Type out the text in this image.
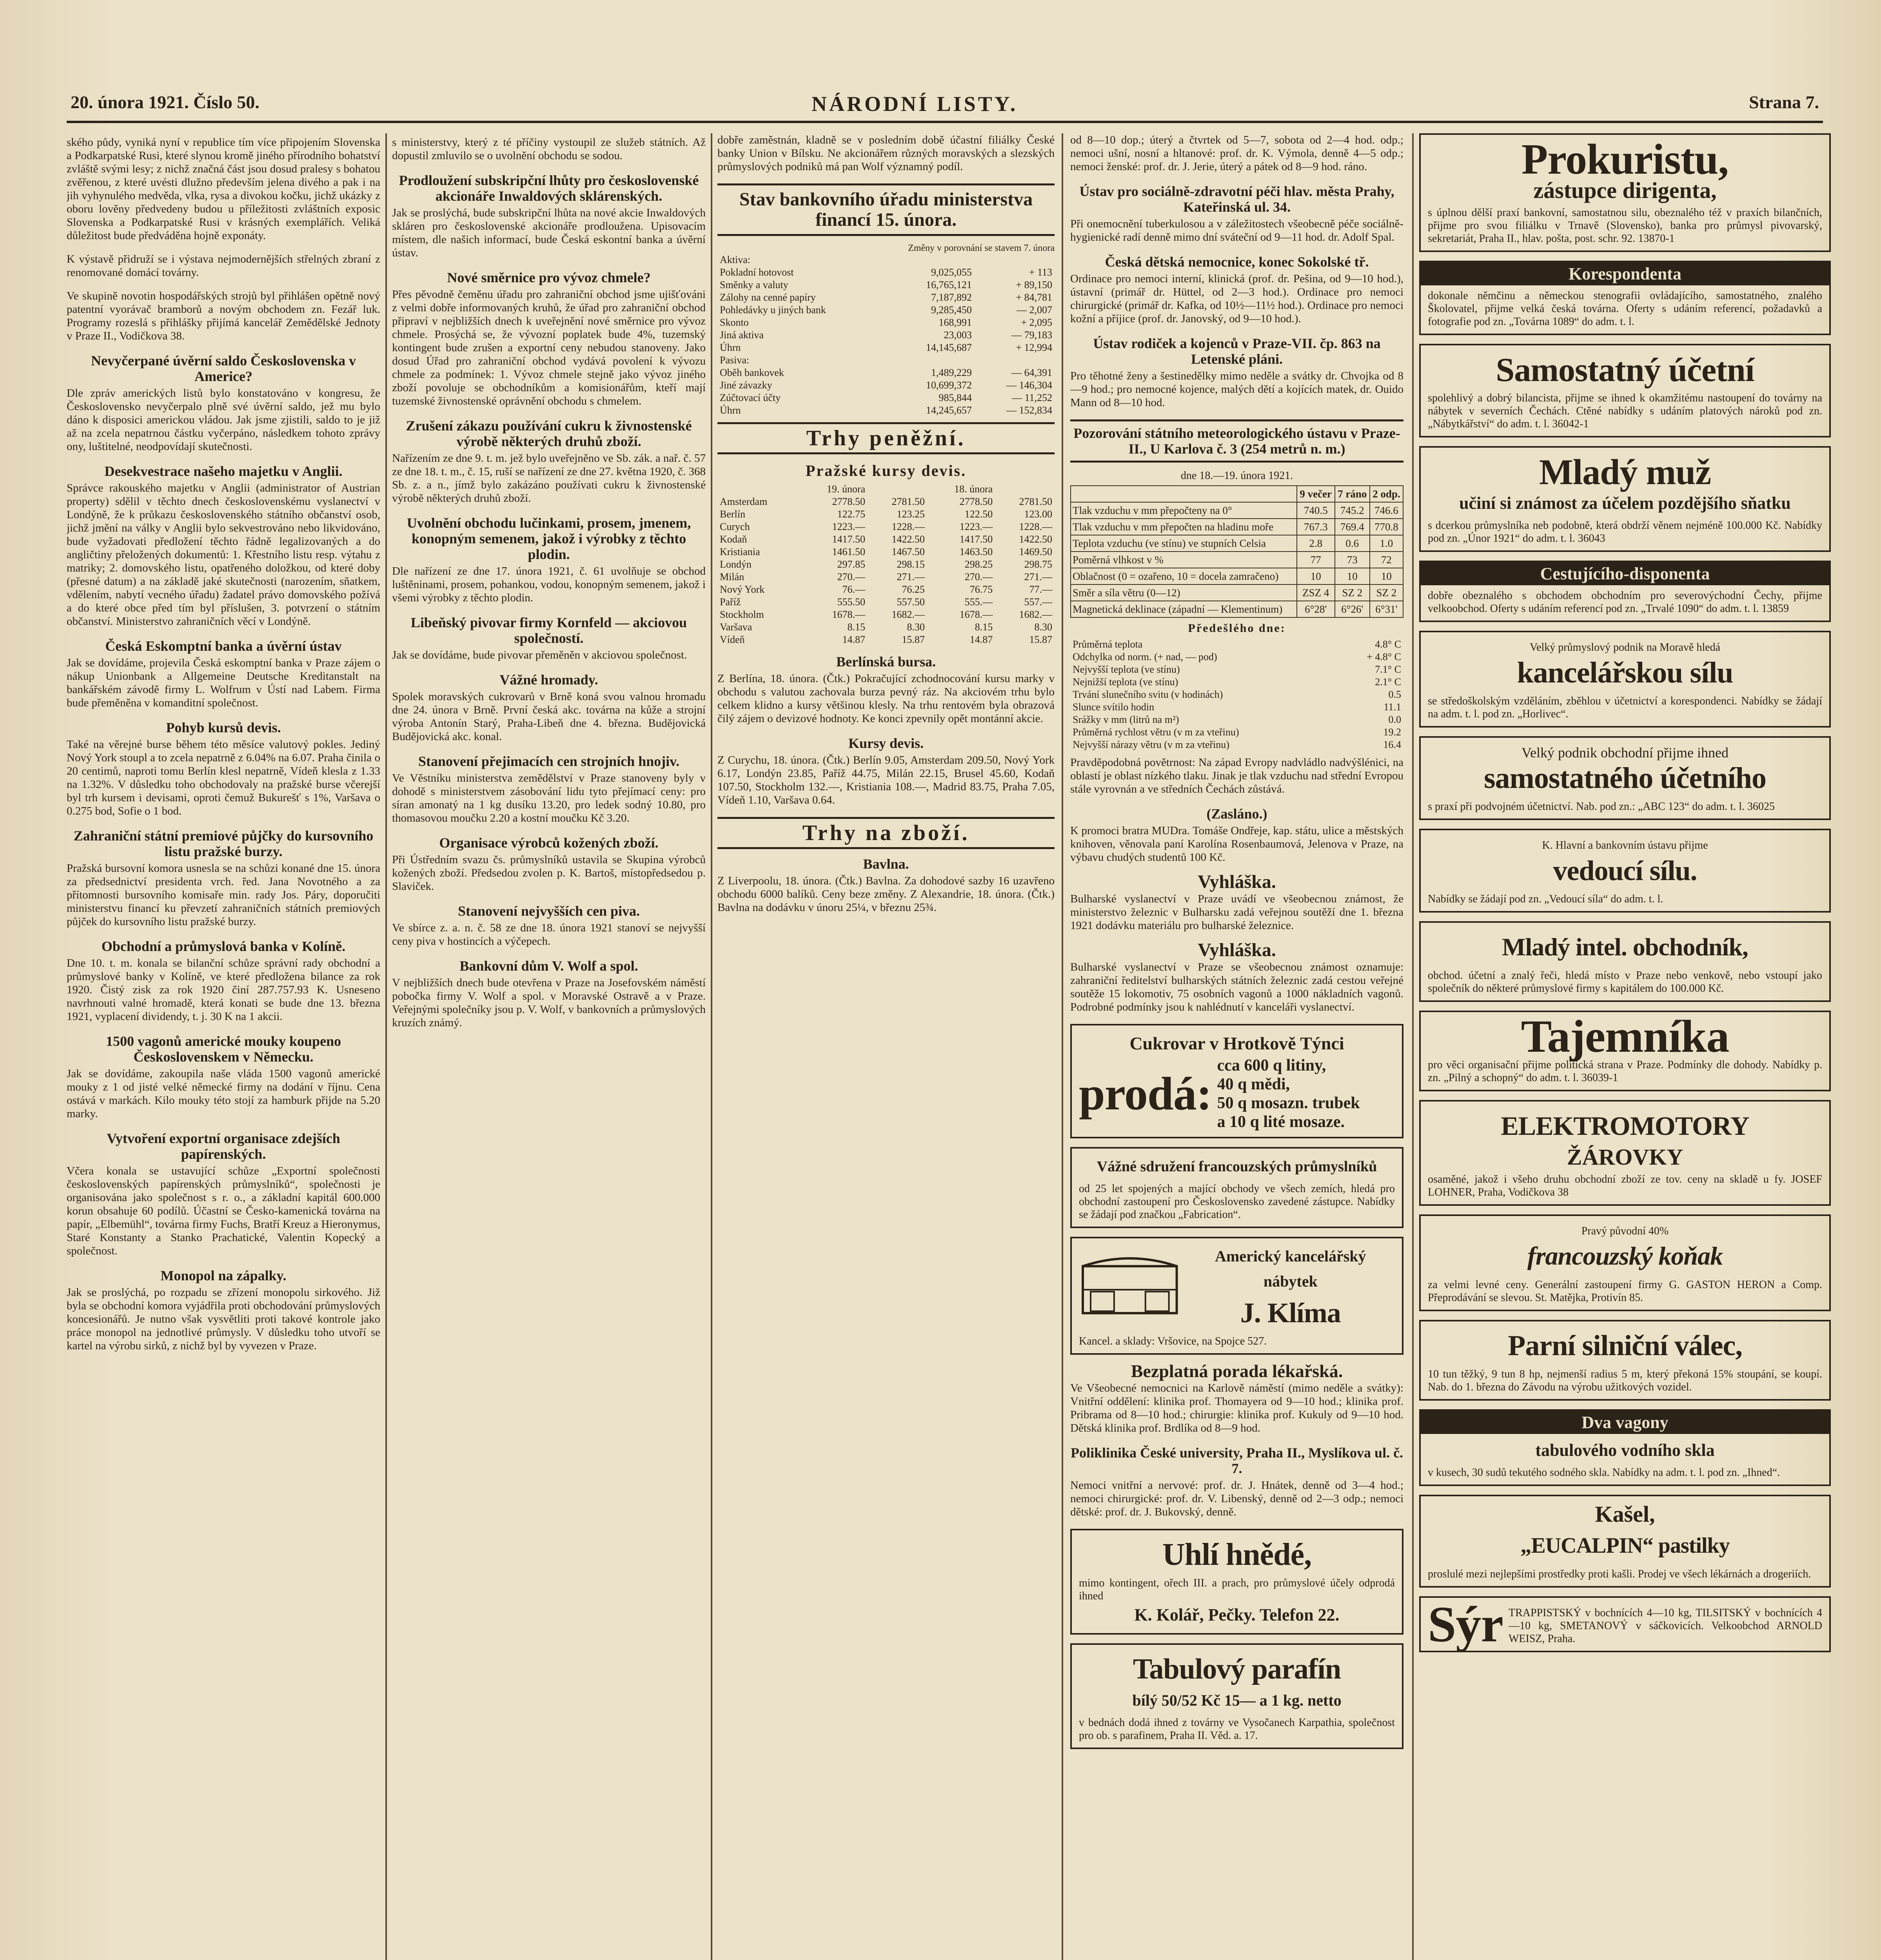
20. února 1921. Číslo 50.	NÁRODNÍ LISTY.	Strana 7.

ského půdy, vyniká nyní v republice tím více připojením Slovenska a Podkarpatské Rusi, které slynou kromě jiného přírodního bohatství zvláště svými lesy; z nichž značná část jsou dosud pralesy s bohatou zvěřenou, z které uvésti dlužno především jelena divého a pak i na jih vyhynulého medvěda, vlka, rysa a divokou kočku, jichž ukázky z oboru lověny předvedeny budou u příležitosti zvláštních exposic Slovenska a Podkarpatské Rusi v krásných exemplářích. Veliká důležitost bude předváděna hojně exponáty.

K výstavě přidruží se i výstava nejmodernějších střelných zbraní z renomované domácí továrny.

Ve skupině novotin hospodářských strojů byl přihlášen opětně nový patentní vyorávač bramborů a novým obchodem zn. Fezář luk. Programy rozeslá s přihlášky přijímá kancelář Zemědělské Jednoty v Praze II., Vodičkova 38.

Nevyčerpané úvěrní saldo Československa v Americe?

Dle zpráv amerických listů bylo konstatováno v kongresu, že Československo nevyčerpalo plně své úvěrní saldo, jež mu bylo dáno k disposici americkou vládou. Jak jsme zjistili, saldo to je již až na zcela nepatrnou částku vyčerpáno, následkem tohoto zprávy ony, luštitelné, neodpovídají skutečnosti.

Desekvestrace našeho majetku v Anglii.

Správce rakouského majetku v Anglii (administrator of Austrian property) sdělil v těchto dnech československému vyslanectví v Londýně, že k průkazu československého státního občanství osob, jichž jmění na války v Anglii bylo sekvestrováno nebo likvidováno, bude vyžadovati předložení těchto řádně legalizovaných a do angličtiny přeložených dokumentů: 1. Křestního listu resp. výtahu z matriky; 2. domovského listu, opatřeného doložkou, od které doby (přesné datum) a na základě jaké skutečnosti (narozením, sňatkem, vdělením, nabytí vecného úřadu) žadatel právo domovského požívá a do které obce před tím byl příslušen, 3. potvrzení o státním občanství. Ministerstvo zahraničních věcí v Londýně.

Česká Eskomptní banka a úvěrní ústav

Jak se dovídáme, projevila Česká eskomptní banka v Praze zájem o nákup Unionbank a Allgemeine Deutsche Kreditanstalt na bankářském závodě firmy L. Wolfrum v Ústí nad Labem. Firma bude přeměněna v komanditní společnost.

Pohyb kursů devis.

Také na věrejné burse během této měsíce valutový pokles. Jediný Nový York stoupl a to zcela nepatrně z 6.04% na 6.07. Praha činila o 20 centimů, naproti tomu Berlín klesl nepatrně, Vídeň klesla z 1.33 na 1.32%. V důsledku toho obchodovaly na pražské burse včerejší byl trh kursem i devisami, oproti čemuž Bukurešť s 1%, Varšava o 0.275 bod, Sofie o 1 bod.

Zahraniční státní premiové půjčky do kursovního listu pražské burzy.

Pražská bursovní komora usnesla se na schůzi konané dne 15. února za předsednictví presidenta vrch. řed. Jana Novotného a za přítomnosti bursovního komisaře min. rady Jos. Páry, doporučiti ministerstvu financí ku převzetí zahraničních státních premiových půjček do kursovního listu pražské burzy.

Obchodní a průmyslová banka v Kolíně.

Dne 10. t. m. konala se bilanční schůze správní rady obchodní a průmyslové banky v Kolíně, ve které předložena bilance za rok 1920. Čistý zisk za rok 1920 činí 287.757.93 K. Usneseno navrhnouti valné hromadě, která konati se bude dne 13. března 1921, vyplacení dividendy, t. j. 30 K na 1 akcii.

1500 vagonů americké mouky koupeno Československem v Německu.

Jak se dovídáme, zakoupila naše vláda 1500 vagonů americké mouky z 1 od jisté velké německé firmy na dodání v říjnu. Cena ostává v markách. Kilo mouky této stojí za hamburk přijde na 5.20 marky.

Vytvoření exportní organisace zdejších papírenských.

Včera konala se ustavující schůze „Exportní společnosti československých papírenských průmyslníků“, společnosti je organisována jako společnost s r. o., a základní kapitál 600.000 korun obsahuje 60 podílů. Účastní se Česko-kamenická továrna na papír, „Elbemühl“, továrna firmy Fuchs, Bratří Kreuz a Hieronymus, Staré Konstanty a Stanko Prachatické, Valentin Kopecký a společnost.

Monopol na zápalky.

Jak se proslýchá, po rozpadu se zřízení monopolu sirkového. Již byla se obchodní komora vyjádřila proti obchodování průmyslových koncesionářů. Je nutno však vysvětliti proti takové kontrole jako práce monopol na jednotlivé průmysly. V důsledku toho utvoří se kartel na výrobu sirků, z nichž byl by vyvezen v Praze.

s ministerstvy, který z té příčiny vystoupil ze služeb státních. Až dopustil zmluvilo se o uvolnění obchodu se sodou.

Prodloužení subskripční lhůty pro československé akcionáře Inwaldových sklárenských.

Jak se proslýchá, bude subskripční lhůta na nové akcie Inwaldových skláren pro československé akcionáře prodloužena. Upisovacím místem, dle našich informací, bude Česká eskontní banka a úvěrní ústav.

Nové směrnice pro vývoz chmele?

Přes pěvodně čeměnu úřadu pro zahraniční obchod jsme ujišťováni z velmi dobře informovaných kruhů, že úřad pro zahraniční obchod připraví v nejbližších dnech k uveřejnění nové směrnice pro vývoz chmele. Prosýchá se, že vývozní poplatek bude 4%, tuzemský kontingent bude zrušen a exportní ceny nebudou stanoveny. Jako dosud Úřad pro zahraniční obchod vydává povolení k vývozu chmele za podmínek: 1. Vývoz chmele stejně jako vývoz jiného zboží povoluje se obchodníkům a komisionářům, kteří mají tuzemské živnostenské oprávnění obchodu s chmelem.

Zrušení zákazu používání cukru k živnostenské výrobě některých druhů zboží.

Nařízením ze dne 9. t. m. jež bylo uveřejněno ve Sb. zák. a nař. č. 57 ze dne 18. t. m., č. 15, ruší se nařízení ze dne 27. května 1920, č. 368 Sb. z. a n., jímž bylo zakázáno používati cukru k živnostenské výrobě některých druhů zboží.

Uvolnění obchodu lučinkami, prosem, jmenem, konopným semenem, jakož i výrobky z těchto plodin.

Dle nařízení ze dne 17. února 1921, č. 61 uvolňuje se obchod luštěninami, prosem, pohankou, vodou, konopným semenem, jakož i všemi výrobky z těchto plodin.

Libeňský pivovar firmy Kornfeld — akciovou společností.

Jak se dovídáme, bude pivovar přeměněn v akciovou společnost.

Vážné hromady.

Spolek moravských cukrovarů v Brně koná svou valnou hromadu dne 24. února v Brně. První česká akc. továrna na kůže a strojní výroba Antonín Starý, Praha-Libeň dne 4. března. Budějovická Budějovická akc. konal.

Stanovení přejimacích cen strojních hnojiv.

Ve Věstníku ministerstva zemědělství v Praze stanoveny byly v dohodě s ministerstvem zásobování lidu tyto přejímací ceny: pro síran amonatý na 1 kg dusíku 13.20, pro ledek sodný 10.80, pro thomasovou moučku 2.20 a kostní moučku Kč 3.20.

Organisace výrobců kožených zboží.

Při Ústředním svazu čs. průmyslníků ustavila se Skupina výrobců kožených zboží. Předsedou zvolen p. K. Bartoš, místopředsedou p. Slaviček.

Stanovení nejvyšších cen piva.

Ve sbírce z. a. n. č. 58 ze dne 18. února 1921 stanoví se nejvyšší ceny piva v hostincích a výčepech.

Bankovní dům V. Wolf a spol.

V nejbližších dnech bude otevřena v Praze na Josefovském náměstí pobočka firmy V. Wolf a spol. v Moravské Ostravě a v Praze. Veřejnými společníky jsou p. V. Wolf, v bankovních a průmyslových kruzích známý.

dobře zaměstnán, kladně se v posledním době účastní filiálky České banky Union v Bílsku. Ne akcionářem různých moravských a slezských průmyslových podniků má pan Wolf významný podíl.

Stav bankovního úřadu ministerstva financí 15. února.
Změny v porovnání se stavem 7. února
Aktiva:		
Pokladní hotovost	9,025,055	+ 113
Směnky a valuty	16,765,121	+ 89,150
Zálohy na cenné papíry	7,187,892	+ 84,781
Pohledávky u jiných bank	9,285,450	— 2,007
Skonto	168,991	+ 2,095
Jiná aktiva	23,003	— 79,183
Úhrn	14,145,687	+ 12,994
Pasiva:		
Oběh bankovek	1,489,229	— 64,391
Jiné závazky	10,699,372	— 146,304
Zúčtovací účty	985,844	— 11,252
Úhrn	14,245,657	— 152,834
Trhy peněžní.
Pražské kursy devis.
	19. února		18. února	
Amsterdam	2778.50	2781.50	2778.50	2781.50
Berlín	122.75	123.25	122.50	123.00
Curych	1223.—	1228.—	1223.—	1228.—
Kodaň	1417.50	1422.50	1417.50	1422.50
Kristiania	1461.50	1467.50	1463.50	1469.50
Londýn	297.85	298.15	298.25	298.75
Milán	270.—	271.—	270.—	271.—
Nový York	76.—	76.25	76.75	77.—
Paříž	555.50	557.50	555.—	557.—
Stockholm	1678.—	1682.—	1678.—	1682.—
Varšava	8.15	8.30	8.15	8.30
Vídeň	14.87	15.87	14.87	15.87
Berlínská bursa.

Z Berlína, 18. února. (Čtk.) Pokračující zchodnocování kursu marky v obchodu s valutou zachovala burza pevný ráz. Na akciovém trhu bylo celkem klidno a kursy většinou klesly. Na trhu rentovém byla obrazová čilý zájem o devizové hodnoty. Ke konci zpevnily opět montánní akcie.

Kursy devis.

Z Curychu, 18. února. (Čtk.) Berlín 9.05, Amsterdam 209.50, Nový York 6.17, Londýn 23.85, Paříž 44.75, Milán 22.15, Brusel 45.60, Kodaň 107.50, Stockholm 132.—, Kristiania 108.—, Madrid 83.75, Praha 7.05, Vídeň 1.10, Varšava 0.64.

Trhy na zboží.
Bavlna.

Z Liverpoolu, 18. února. (Čtk.) Bavlna. Za dohodové sazby 16 uzavřeno obchodu 6000 balíků. Ceny beze změny. Z Alexandrie, 18. února. (Čtk.) Bavlna na dodávku v únoru 25¼, v březnu 25¾.

od 8—10 dop.; úterý a čtvrtek od 5—7, sobota od 2—4 hod. odp.; nemoci ušní, nosní a hltanové: prof. dr. K. Výmola, denně 4—5 odp.; nemoci ženské: prof. dr. J. Jerie, úterý a pátek od 8—9 hod. ráno.

Ústav pro sociálně-zdravotní péči hlav. města Prahy, Kateřinská ul. 34.

Při onemocnění tuberkulosou a v záležitostech všeobecně péče sociálně-hygienické radí denně mimo dní sváteční od 9—11 hod. dr. Adolf Spal.

Česká dětská nemocnice, konec Sokolské tř.

Ordinace pro nemoci interní, klinická (prof. dr. Pešina, od 9—10 hod.), ústavní (primář dr. Hüttel, od 2—3 hod.). Ordinace pro nemoci chirurgické (primář dr. Kafka, od 10½—11½ hod.). Ordinace pro nemoci kožní a příjice (prof. dr. Janovský, od 9—10 hod.).

Ústav rodiček a kojenců v Praze-VII. čp. 863 na Letenské pláni.

Pro těhotné ženy a šestinedělky mimo neděle a svátky dr. Chvojka od 8—9 hod.; pro nemocné kojence, malých dětí a kojících matek, dr. Ouido Mann od 8—10 hod.

Pozorování státního meteorologického ústavu v Praze-II., U Karlova č. 3 (254 metrů n. m.)
dne 18.—19. února 1921.
	9 večer	7 ráno	2 odp.
Tlak vzduchu v mm přepočteny na 0°	740.5	745.2	746.6
Tlak vzduchu v mm přepočten na hladinu moře	767.3	769.4	770.8
Teplota vzduchu (ve stínu) ve stupních Celsia	2.8	0.6	1.0
Poměrná vlhkost v %	77	73	72
Oblačnost (0 = ozařeno, 10 = docela zamračeno)	10	10	10
Směr a síla větru (0—12)	ZSZ 4	SZ 2	SZ 2
Magnetická deklinace (západní — Klementinum)	6°28'	6°26'	6°31'
Předešlého dne:
Průměrná teplota	4.8° C
Odchylka od norm. (+ nad, — pod)	+ 4.8° C
Nejvyšší teplota (ve stínu)	7.1° C
Nejnižší teplota (ve stínu)	2.1° C
Trvání slunečního svitu (v hodinách)	0.5
Slunce svítilo hodin	11.1
Srážky v mm (litrů na m²)	0.0
Průměrná rychlost větru (v m za vteřinu)	19.2
Nejvyšší nárazy větru (v m za vteřinu)	16.4

Pravděpodobná povětrnost: Na západ Evropy nadvládlo nadvýšlénici, na oblastí je oblast nízkého tlaku. Jinak je tlak vzduchu nad střední Evropou stále vyrovnán a ve středních Čechách zůstává.

(Zasláno.)

K promoci bratra MUDra. Tomáše Ondřeje, kap. státu, ulice a městských knihoven, věnovala paní Karolína Rosenbaumová, Jelenova v Praze, na výbavu chudých studentů 100 Kč.

Vyhláška.

Bulharské vyslanectví v Praze uvádí ve všeobecnou známost, že ministerstvo železnic v Bulharsku zadá veřejnou soutěží dne 1. března 1921 dodávku materiálu pro bulharské železnice.

Vyhláška.

Bulharské vyslanectví v Praze se všeobecnou známost oznamuje: zahraniční ředitelství bulharských státních železnic zadá cestou veřejné soutěže 15 lokomotiv, 75 osobních vagonů a 1000 nákladních vagonů. Podrobné podmínky jsou k nahlédnutí v kanceláři vyslanectví.

Cukrovar v Hrotkově Týnci
prodá:
cca 600 q litiny,
40 q mědi,
50 q mosazn. trubek
a 10 q lité mosaze.
Vážné sdružení francouzských průmyslníků
od 25 let spojených a mající obchody ve všech zemích, hledá pro obchodní zastoupení pro Československo zavedené zástupce. Nabídky se žádají pod značkou „Fabrication“.
Americký kancelářský nábytek
J. Klíma
Kancel. a sklady: Vršovice, na Spojce 527.
Bezplatná porada lékařská.

Ve Všeobecné nemocnici na Karlově náměstí (mimo neděle a svátky): Vnitřní oddělení: klinika prof. Thomayera od 9—10 hod.; klinika prof. Pribrama od 8—10 hod.; chirurgie: klinika prof. Kukuly od 9—10 hod. Dětská klinika prof. Brdlíka od 8—9 hod.

Poliklinika České university, Praha II., Myslíkova ul. č. 7.

Nemoci vnitřní a nervové: prof. dr. J. Hnátek, denně od 3—4 hod.; nemoci chirurgické: prof. dr. V. Libenský, denně od 2—3 odp.; nemoci dětské: prof. dr. J. Bukovský, denně.

Uhlí hnědé,
mimo kontingent, ořech III. a prach, pro průmyslové účely odprodá ihned
K. Kolář, Pečky. Telefon 22.
Tabulový parafín
bílý 50/52 Kč 15— a 1 kg. netto
v bednách dodá ihned z továrny ve Vysočanech Karpathia, společnost pro ob. s parafinem, Praha II. Věd. a. 17.
Prokuristu,
zástupce dirigenta,
s úplnou dělší praxí bankovní, samostatnou silu, obeznalého též v praxích bilančních, přijme pro svou filiálku v Trnavě (Slovensko), banka pro průmysl pivovarský, sekretariát, Praha II., hlav. pošta, post. schr. 92. 13870-1
Korespondenta
dokonale němčinu a německou stenografii ovládajícího, samostatného, znalého Školovatel, přijme velká česká továrna. Oferty s udáním referencí, požadavků a fotografie pod zn. „Továrna 1089“ do adm. t. l.
Samostatný účetní
spolehlivý a dobrý bilancista, přijme se ihned k okamžitému nastoupení do továrny na nábytek v severních Čechách. Ctěné nabídky s udáním platových nároků pod zn. „Nábytkářství“ do adm. t. l. 36042-1
Mladý muž
učiní si známost za účelem pozdějšího sňatku
s dcerkou průmyslníka neb podobně, která obdrží věnem nejméně 100.000 Kč. Nabídky pod zn. „Únor 1921“ do adm. t. l. 36043
Cestujícího-disponenta
dobře obeznalého s obchodem obchodním pro severovýchodní Čechy, přijme velkoobchod. Oferty s udáním referencí pod zn. „Trvalé 1090“ do adm. t. l. 13859
Velký průmyslový podnik na Moravě hledá
kancelářskou sílu
se středoškolským vzděláním, zběhlou v účetnictví a korespondenci. Nabídky se žádají na adm. t. l. pod zn. „Horlivec“.
Velký podnik obchodní přijme ihned
samostatného účetního
s praxí při podvojném účetnictví. Nab. pod zn.: „ABC 123“ do adm. t. l. 36025
K. Hlavní a bankovním ústavu přijme
vedoucí sílu.
Nabídky se žádají pod zn. „Vedoucí síla“ do adm. t. l.
Mladý intel. obchodník,
obchod. účetní a znalý řeči, hledá místo v Praze nebo venkově, nebo vstoupí jako společník do některé průmyslové firmy s kapitálem do 100.000 Kč.
Tajemníka
pro věci organisační přijme politická strana v Praze. Podmínky dle dohody. Nabídky p. zn. „Pilný a schopný“ do adm. t. l. 36039-1
ELEKTROMOTORY
ŽÁROVKY
osaměné, jakož i všeho druhu obchodní zboží ze tov. ceny na skladě u fy. JOSEF LOHNER, Praha, Vodičkova 38
Pravý původní 40%
francouzský koňak
za velmi levné ceny. Generální zastoupení firmy G. GASTON HERON a Comp. Přeprodávání se slevou. St. Matějka, Protivín 85.
Parní silniční válec,
10 tun těžký, 9 tun 8 hp, nejmenší radius 5 m, který překoná 15% stoupání, se koupí. Nab. do 1. března do Závodu na výrobu užitkových vozidel.
Dva vagony
tabulového vodního skla
v kusech, 30 sudů tekutého sodného skla. Nabídky na adm. t. l. pod zn. „Ihned“.
Kašel,
„EUCALPIN“ pastilky
proslulé mezi nejlepšími prostředky proti kašli. Prodej ve všech lékárnách a drogeriích.
Sýr TRAPPISTSKÝ v bochnících 4—10 kg, TILSITSKÝ v bochnících 4—10 kg, SMETANOVÝ v sáčkovicích. Velkoobchod ARNOLD WEISZ, Praha.
